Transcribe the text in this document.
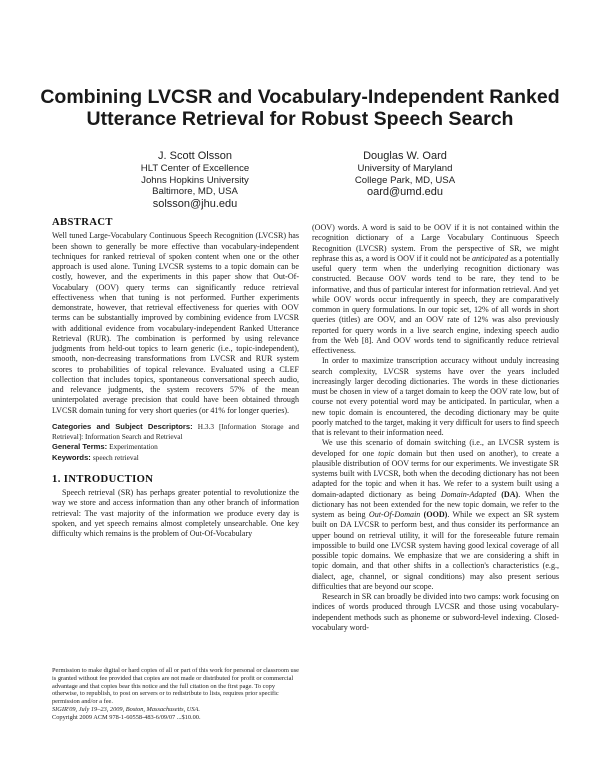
Combining LVCSR and Vocabulary-Independent Ranked Utterance Retrieval for Robust Speech Search
J. Scott Olsson
HLT Center of Excellence
Johns Hopkins University
Baltimore, MD, USA
solsson@jhu.edu
Douglas W. Oard
University of Maryland
College Park, MD, USA
oard@umd.edu
ABSTRACT

Well tuned Large-Vocabulary Continuous Speech Recognition (LVCSR) has been shown to generally be more effective than vocabulary-independent techniques for ranked retrieval of spoken content when one or the other approach is used alone. Tuning LVCSR systems to a topic domain can be costly, however, and the experiments in this paper show that Out-Of-Vocabulary (OOV) query terms can significantly reduce retrieval effectiveness when that tuning is not performed. Further experiments demonstrate, however, that retrieval effectiveness for queries with OOV terms can be substantially improved by combining evidence from LVCSR with additional evidence from vocabulary-independent Ranked Utterance Retrieval (RUR). The combination is performed by using relevance judgments from held-out topics to learn generic (i.e., topic-independent), smooth, non-decreasing transformations from LVCSR and RUR system scores to probabilities of topical relevance. Evaluated using a CLEF collection that includes topics, spontaneous conversational speech audio, and relevance judgments, the system recovers 57% of the mean uninterpolated average precision that could have been obtained through LVCSR domain tuning for very short queries (or 41% for longer queries).

Categories and Subject Descriptors: H.3.3 [Information Storage and Retrieval]: Information Search and Retrieval

General Terms: Experimentation

Keywords: speech retrieval

1. INTRODUCTION

Speech retrieval (SR) has perhaps greater potential to revolutionize the way we store and access information than any other branch of information retrieval: The vast majority of the information we produce every day is spoken, and yet speech remains almost completely unsearchable. One key difficulty which remains is the problem of Out-Of-Vocabulary

Permission to make digital or hard copies of all or part of this work for personal or classroom use is granted without fee provided that copies are not made or distributed for profit or commercial advantage and that copies bear this notice and the full citation on the first page. To copy otherwise, to republish, to post on servers or to redistribute to lists, requires prior specific permission and/or a fee.

SIGIR'09, July 19–23, 2009, Boston, Massachusetts, USA.

Copyright 2009 ACM 978-1-60558-483-6/09/07 ...$10.00.

(OOV) words. A word is said to be OOV if it is not contained within the recognition dictionary of a Large Vocabulary Continuous Speech Recognition (LVCSR) system. From the perspective of SR, we might rephrase this as, a word is OOV if it could not be anticipated as a potentially useful query term when the underlying recognition dictionary was constructed. Because OOV words tend to be rare, they tend to be informative, and thus of particular interest for information retrieval. And yet while OOV words occur infrequently in speech, they are comparatively common in query formulations. In our topic set, 12% of all words in short queries (titles) are OOV, and an OOV rate of 12% was also previously reported for query words in a live search engine, indexing speech audio from the Web [8]. And OOV words tend to significantly reduce retrieval effectiveness.

In order to maximize transcription accuracy without unduly increasing search complexity, LVCSR systems have over the years included increasingly larger decoding dictionaries. The words in these dictionaries must be chosen in view of a target domain to keep the OOV rate low, but of course not every potential word may be anticipated. In particular, when a new topic domain is encountered, the decoding dictionary may be quite poorly matched to the target, making it very difficult for users to find speech that is relevant to their information need.

We use this scenario of domain switching (i.e., an LVCSR system is developed for one topic domain but then used on another), to create a plausible distribution of OOV terms for our experiments. We investigate SR systems built with LVCSR, both when the decoding dictionary has not been adapted for the topic and when it has. We refer to a system built using a domain-adapted dictionary as being Domain-Adapted (DA). When the dictionary has not been extended for the new topic domain, we refer to the system as being Out-Of-Domain (OOD). While we expect an SR system built on DA LVCSR to perform best, and thus consider its performance an upper bound on retrieval utility, it will for the foreseeable future remain impossible to build one LVCSR system having good lexical coverage of all possible topic domains. We emphasize that we are considering a shift in topic domain, and that other shifts in a collection's characteristics (e.g., dialect, age, channel, or signal conditions) may also present serious difficulties that are beyond our scope.

Research in SR can broadly be divided into two camps: work focusing on indices of words produced through LVCSR and those using vocabulary-independent methods such as phoneme or subword-level indexing. Closed-vocabulary word-
